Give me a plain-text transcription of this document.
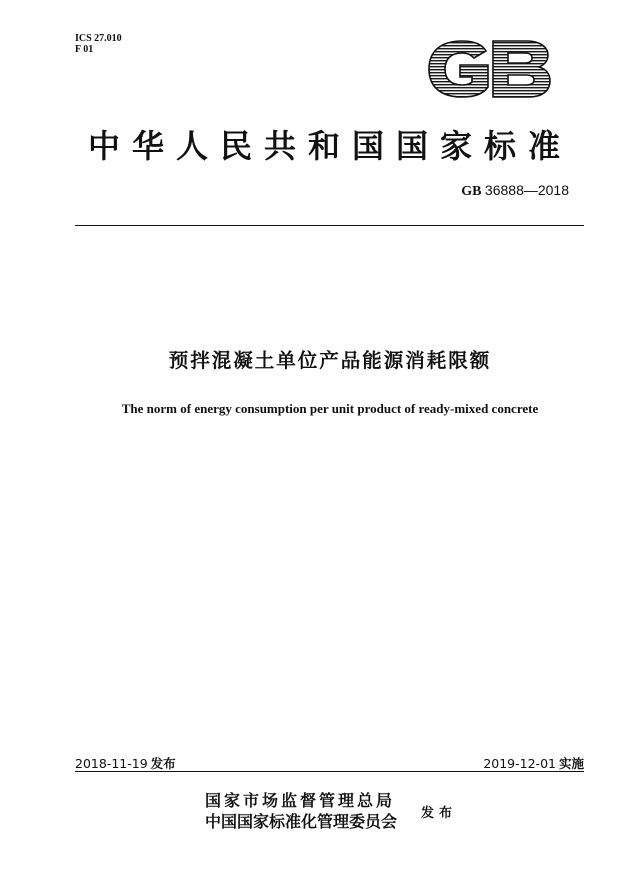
ICS 27.010
F 01
GB
中华人民共和国国家标准
GB 36888—2018
预拌混凝土单位产品能源消耗限额
The norm of energy consumption per unit product of ready-mixed concrete
2018-11-19 发布	2019-12-01 实施
国家市场监督管理总局
中国国家标准化管理委员会 发布
